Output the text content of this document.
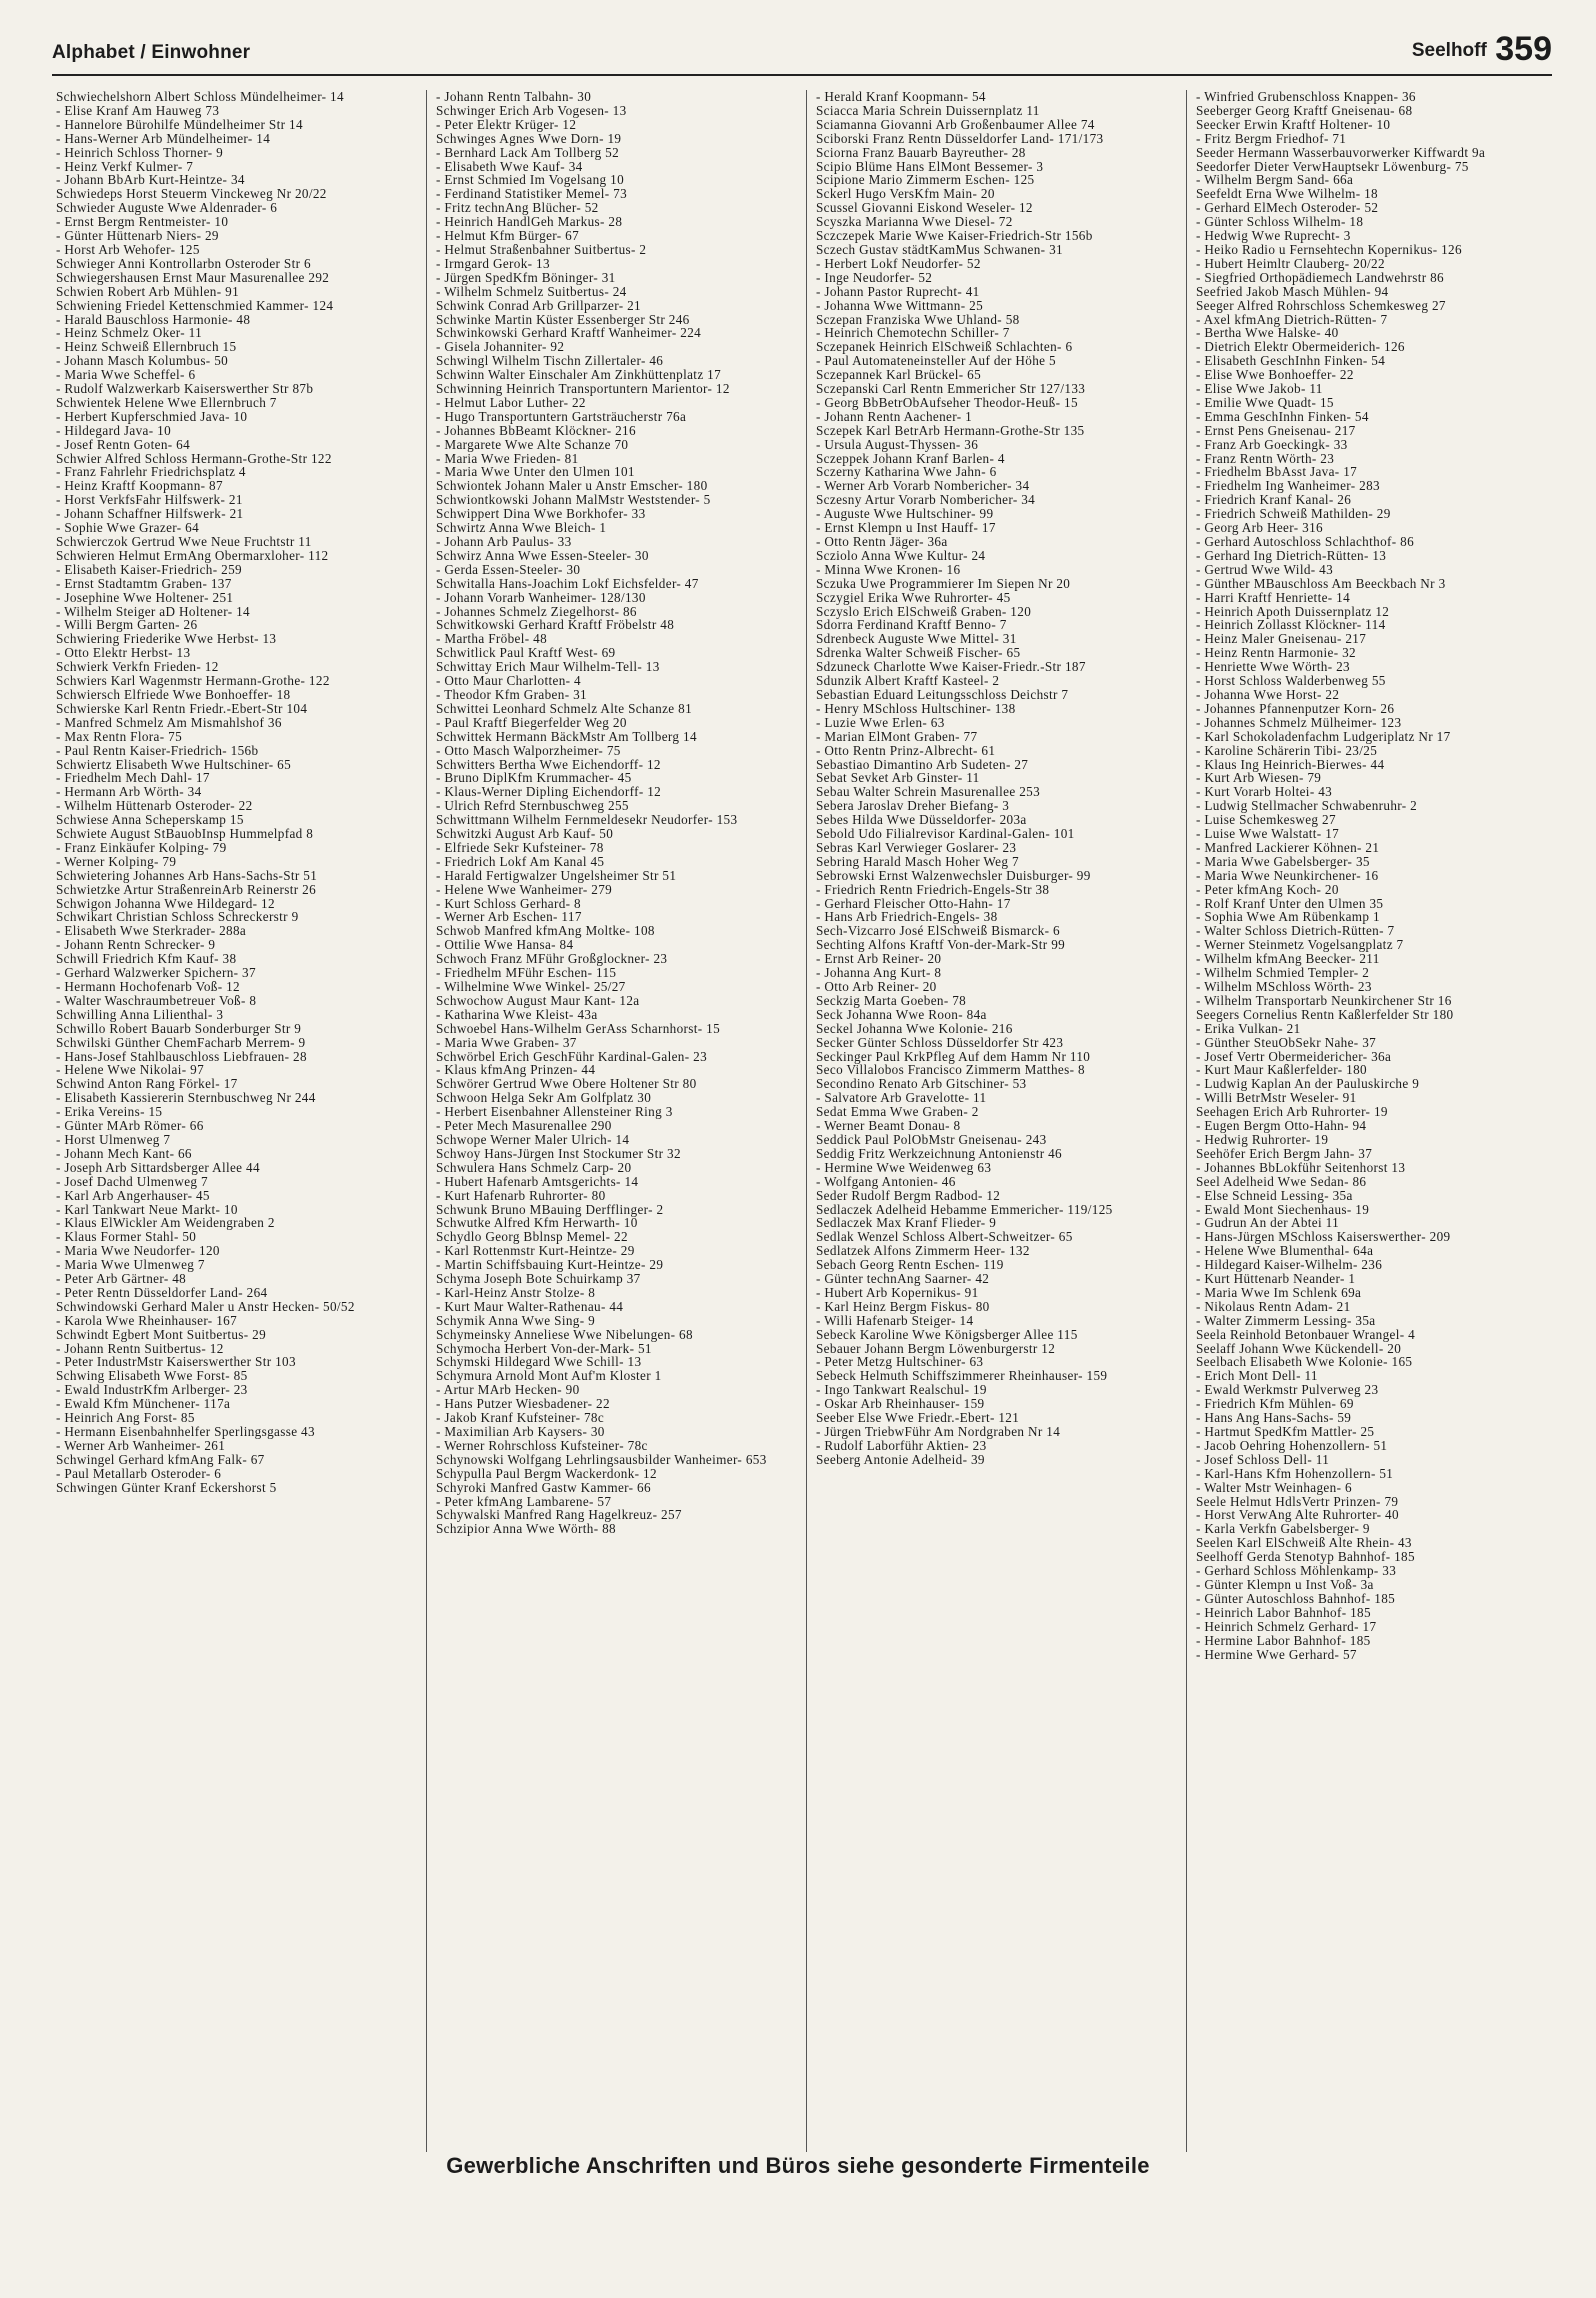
Alphabet / Einwohner	Seelhoff 359

Schwiechelshorn Albert Schloss Mündelheimer- 14

- Elise Kranf Am Hauweg 73

- Hannelore Bürohilfe Mündelheimer Str 14

- Hans-Werner Arb Mündelheimer- 14

- Heinrich Schloss Thorner- 9

- Heinz Verkf Kulmer- 7

- Johann BbArb Kurt-Heintze- 34

Schwiedeps Horst Steuerm Vinckeweg Nr 20/22

Schwieder Auguste Wwe Aldenrader- 6

- Ernst Bergm Rentmeister- 10

- Günter Hüttenarb Niers- 29

- Horst Arb Wehofer- 125

Schwieger Anni Kontrollarbn Osteroder Str 6

Schwiegershausen Ernst Maur Masurenallee 292

Schwien Robert Arb Mühlen- 91

Schwiening Friedel Kettenschmied Kammer- 124

- Harald Bauschloss Harmonie- 48

- Heinz Schmelz Oker- 11

- Heinz Schweiß Ellernbruch 15

- Johann Masch Kolumbus- 50

- Maria Wwe Scheffel- 6

- Rudolf Walzwerkarb Kaiserswerther Str 87b

Schwientek Helene Wwe Ellernbruch 7

- Herbert Kupferschmied Java- 10

- Hildegard Java- 10

- Josef Rentn Goten- 64

Schwier Alfred Schloss Hermann-Grothe-Str 122

- Franz Fahrlehr Friedrichsplatz 4

- Heinz Kraftf Koopmann- 87

- Horst VerkfsFahr Hilfswerk- 21

- Johann Schaffner Hilfswerk- 21

- Sophie Wwe Grazer- 64

Schwierczok Gertrud Wwe Neue Fruchtstr 11

Schwieren Helmut ErmAng Obermarxloher- 112

- Elisabeth Kaiser-Friedrich- 259

- Ernst Stadtamtm Graben- 137

- Josephine Wwe Holtener- 251

- Wilhelm Steiger aD Holtener- 14

- Willi Bergm Garten- 26

Schwiering Friederike Wwe Herbst- 13

- Otto Elektr Herbst- 13

Schwierk Verkfn Frieden- 12

Schwiers Karl Wagenmstr Hermann-Grothe- 122

Schwiersch Elfriede Wwe Bonhoeffer- 18

Schwierske Karl Rentn Friedr.-Ebert-Str 104

- Manfred Schmelz Am Mismahlshof 36

- Max Rentn Flora- 75

- Paul Rentn Kaiser-Friedrich- 156b

Schwiertz Elisabeth Wwe Hultschiner- 65

- Friedhelm Mech Dahl- 17

- Hermann Arb Wörth- 34

- Wilhelm Hüttenarb Osteroder- 22

Schwiese Anna Scheperskamp 15

Schwiete August StBauobInsp Hummelpfad 8

- Franz Einkäufer Kolping- 79

- Werner Kolping- 79

Schwietering Johannes Arb Hans-Sachs-Str 51

Schwietzke Artur StraßenreinArb Reinerstr 26

Schwigon Johanna Wwe Hildegard- 12

Schwikart Christian Schloss Schreckerstr 9

- Elisabeth Wwe Sterkrader- 288a

- Johann Rentn Schrecker- 9

Schwill Friedrich Kfm Kauf- 38

- Gerhard Walzwerker Spichern- 37

- Hermann Hochofenarb Voß- 12

- Walter Waschraumbetreuer Voß- 8

Schwilling Anna Lilienthal- 3

Schwillo Robert Bauarb Sonderburger Str 9

Schwilski Günther ChemFacharb Merrem- 9

- Hans-Josef Stahlbauschloss Liebfrauen- 28

- Helene Wwe Nikolai- 97

Schwind Anton Rang Förkel- 17

- Elisabeth Kassiererin Sternbuschweg Nr 244

- Erika Vereins- 15

- Günter MArb Römer- 66

- Horst Ulmenweg 7

- Johann Mech Kant- 66

- Joseph Arb Sittardsberger Allee 44

- Josef Dachd Ulmenweg 7

- Karl Arb Angerhauser- 45

- Karl Tankwart Neue Markt- 10

- Klaus ElWickler Am Weidengraben 2

- Klaus Former Stahl- 50

- Maria Wwe Neudorfer- 120

- Maria Wwe Ulmenweg 7

- Peter Arb Gärtner- 48

- Peter Rentn Düsseldorfer Land- 264

Schwindowski Gerhard Maler u Anstr Hecken- 50/52

- Karola Wwe Rheinhauser- 167

Schwindt Egbert Mont Suitbertus- 29

- Johann Rentn Suitbertus- 12

- Peter IndustrMstr Kaiserswerther Str 103

Schwing Elisabeth Wwe Forst- 85

- Ewald IndustrKfm Arlberger- 23

- Ewald Kfm Münchener- 117a

- Heinrich Ang Forst- 85

- Hermann Eisenbahnhelfer Sperlingsgasse 43

- Werner Arb Wanheimer- 261

Schwingel Gerhard kfmAng Falk- 67

- Paul Metallarb Osteroder- 6

Schwingen Günter Kranf Eckershorst 5

- Johann Rentn Talbahn- 30

Schwinger Erich Arb Vogesen- 13

- Peter Elektr Krüger- 12

Schwinges Agnes Wwe Dorn- 19

- Bernhard Lack Am Tollberg 52

- Elisabeth Wwe Kauf- 34

- Ernst Schmied Im Vogelsang 10

- Ferdinand Statistiker Memel- 73

- Fritz technAng Blücher- 52

- Heinrich HandlGeh Markus- 28

- Helmut Kfm Bürger- 67

- Helmut Straßenbahner Suitbertus- 2

- Irmgard Gerok- 13

- Jürgen SpedKfm Böninger- 31

- Wilhelm Schmelz Suitbertus- 24

Schwink Conrad Arb Grillparzer- 21

Schwinke Martin Küster Essenberger Str 246

Schwinkowski Gerhard Kraftf Wanheimer- 224

- Gisela Johanniter- 92

Schwingl Wilhelm Tischn Zillertaler- 46

Schwinn Walter Einschaler Am Zinkhüttenplatz 17

Schwinning Heinrich Transportuntern Marientor- 12

- Helmut Labor Luther- 22

- Hugo Transportuntern Gartsträucherstr 76a

- Johannes BbBeamt Klöckner- 216

- Margarete Wwe Alte Schanze 70

- Maria Wwe Frieden- 81

- Maria Wwe Unter den Ulmen 101

Schwiontek Johann Maler u Anstr Emscher- 180

Schwiontkowski Johann MalMstr Weststender- 5

Schwippert Dina Wwe Borkhofer- 33

Schwirtz Anna Wwe Bleich- 1

- Johann Arb Paulus- 33

Schwirz Anna Wwe Essen-Steeler- 30

- Gerda Essen-Steeler- 30

Schwitalla Hans-Joachim Lokf Eichsfelder- 47

- Johann Vorarb Wanheimer- 128/130

- Johannes Schmelz Ziegelhorst- 86

Schwitkowski Gerhard Kraftf Fröbelstr 48

- Martha Fröbel- 48

Schwitlick Paul Kraftf West- 69

Schwittay Erich Maur Wilhelm-Tell- 13

- Otto Maur Charlotten- 4

- Theodor Kfm Graben- 31

Schwittei Leonhard Schmelz Alte Schanze 81

- Paul Kraftf Biegerfelder Weg 20

Schwittek Hermann BäckMstr Am Tollberg 14

- Otto Masch Walporzheimer- 75

Schwitters Bertha Wwe Eichendorff- 12

- Bruno DiplKfm Krummacher- 45

- Klaus-Werner Dipling Eichendorff- 12

- Ulrich Refrd Sternbuschweg 255

Schwittmann Wilhelm Fernmeldesekr Neudorfer- 153

Schwitzki August Arb Kauf- 50

- Elfriede Sekr Kufsteiner- 78

- Friedrich Lokf Am Kanal 45

- Harald Fertigwalzer Ungelsheimer Str 51

- Helene Wwe Wanheimer- 279

- Kurt Schloss Gerhard- 8

- Werner Arb Eschen- 117

Schwob Manfred kfmAng Moltke- 108

- Ottilie Wwe Hansa- 84

Schwoch Franz MFühr Großglockner- 23

- Friedhelm MFühr Eschen- 115

- Wilhelmine Wwe Winkel- 25/27

Schwochow August Maur Kant- 12a

- Katharina Wwe Kleist- 43a

Schwoebel Hans-Wilhelm GerAss Scharnhorst- 15

- Maria Wwe Graben- 37

Schwörbel Erich GeschFühr Kardinal-Galen- 23

- Klaus kfmAng Prinzen- 44

Schwörer Gertrud Wwe Obere Holtener Str 80

Schwoon Helga Sekr Am Golfplatz 30

- Herbert Eisenbahner Allensteiner Ring 3

- Peter Mech Masurenallee 290

Schwope Werner Maler Ulrich- 14

Schwoy Hans-Jürgen Inst Stockumer Str 32

Schwulera Hans Schmelz Carp- 20

- Hubert Hafenarb Amtsgerichts- 14

- Kurt Hafenarb Ruhrorter- 80

Schwunk Bruno MBauing Derfflinger- 2

Schwutke Alfred Kfm Herwarth- 10

Schydlo Georg Bblnsp Memel- 22

- Karl Rottenmstr Kurt-Heintze- 29

- Martin Schiffsbauing Kurt-Heintze- 29

Schyma Joseph Bote Schuirkamp 37

- Karl-Heinz Anstr Stolze- 8

- Kurt Maur Walter-Rathenau- 44

Schymik Anna Wwe Sing- 9

Schymeinsky Anneliese Wwe Nibelungen- 68

Schymocha Herbert Von-der-Mark- 51

Schymski Hildegard Wwe Schill- 13

Schymura Arnold Mont Auf'm Kloster 1

- Artur MArb Hecken- 90

- Hans Putzer Wiesbadener- 22

- Jakob Kranf Kufsteiner- 78c

- Maximilian Arb Kaysers- 30

- Werner Rohrschloss Kufsteiner- 78c

Schynowski Wolfgang Lehrlingsausbilder Wanheimer- 653

Schypulla Paul Bergm Wackerdonk- 12

Schyroki Manfred Gastw Kammer- 66

- Peter kfmAng Lambarene- 57

Schywalski Manfred Rang Hagelkreuz- 257

Schzipior Anna Wwe Wörth- 88

- Herald Kranf Koopmann- 54

Sciacca Maria Schrein Duissernplatz 11

Sciamanna Giovanni Arb Großenbaumer Allee 74

Sciborski Franz Rentn Düsseldorfer Land- 171/173

Sciorna Franz Bauarb Bayreuther- 28

Scipio Blüme Hans ElMont Bessemer- 3

Scipione Mario Zimmerm Eschen- 125

Sckerl Hugo VersKfm Main- 20

Scussel Giovanni Eiskond Weseler- 12

Scyszka Marianna Wwe Diesel- 72

Sczczepek Marie Wwe Kaiser-Friedrich-Str 156b

Sczech Gustav städtKamMus Schwanen- 31

- Herbert Lokf Neudorfer- 52

- Inge Neudorfer- 52

- Johann Pastor Ruprecht- 41

- Johanna Wwe Wittmann- 25

Sczepan Franziska Wwe Uhland- 58

- Heinrich Chemotechn Schiller- 7

Sczepanek Heinrich ElSchweiß Schlachten- 6

- Paul Automateneinsteller Auf der Höhe 5

Sczepannek Karl Brückel- 65

Sczepanski Carl Rentn Emmericher Str 127/133

- Georg BbBetrObAufseher Theodor-Heuß- 15

- Johann Rentn Aachener- 1

Sczepek Karl BetrArb Hermann-Grothe-Str 135

- Ursula August-Thyssen- 36

Sczeppek Johann Kranf Barlen- 4

Sczerny Katharina Wwe Jahn- 6

- Werner Arb Vorarb Nombericher- 34

Sczesny Artur Vorarb Nombericher- 34

- Auguste Wwe Hultschiner- 99

- Ernst Klempn u Inst Hauff- 17

- Otto Rentn Jäger- 36a

Scziolo Anna Wwe Kultur- 24

- Minna Wwe Kronen- 16

Sczuka Uwe Programmierer Im Siepen Nr 20

Sczygiel Erika Wwe Ruhrorter- 45

Sczyslo Erich ElSchweiß Graben- 120

Sdorra Ferdinand Kraftf Benno- 7

Sdrenbeck Auguste Wwe Mittel- 31

Sdrenka Walter Schweiß Fischer- 65

Sdzuneck Charlotte Wwe Kaiser-Friedr.-Str 187

Sdunzik Albert Kraftf Kasteel- 2

Sebastian Eduard Leitungsschloss Deichstr 7

- Henry MSchloss Hultschiner- 138

- Luzie Wwe Erlen- 63

- Marian ElMont Graben- 77

- Otto Rentn Prinz-Albrecht- 61

Sebastiao Dimantino Arb Sudeten- 27

Sebat Sevket Arb Ginster- 11

Sebau Walter Schrein Masurenallee 253

Sebera Jaroslav Dreher Biefang- 3

Sebes Hilda Wwe Düsseldorfer- 203a

Sebold Udo Filialrevisor Kardinal-Galen- 101

Sebras Karl Verwieger Goslarer- 23

Sebring Harald Masch Hoher Weg 7

Sebrowski Ernst Walzenwechsler Duisburger- 99

- Friedrich Rentn Friedrich-Engels-Str 38

- Gerhard Fleischer Otto-Hahn- 17

- Hans Arb Friedrich-Engels- 38

Sech-Vizcarro José ElSchweiß Bismarck- 6

Sechting Alfons Kraftf Von-der-Mark-Str 99

- Ernst Arb Reiner- 20

- Johanna Ang Kurt- 8

- Otto Arb Reiner- 20

Seckzig Marta Goeben- 78

Seck Johanna Wwe Roon- 84a

Seckel Johanna Wwe Kolonie- 216

Secker Günter Schloss Düsseldorfer Str 423

Seckinger Paul KrkPfleg Auf dem Hamm Nr 110

Seco Villalobos Francisco Zimmerm Matthes- 8

Secondino Renato Arb Gitschiner- 53

- Salvatore Arb Gravelotte- 11

Sedat Emma Wwe Graben- 2

- Werner Beamt Donau- 8

Seddick Paul PolObMstr Gneisenau- 243

Seddig Fritz Werkzeichnung Antonienstr 46

- Hermine Wwe Weidenweg 63

- Wolfgang Antonien- 46

Seder Rudolf Bergm Radbod- 12

Sedlaczek Adelheid Hebamme Emmericher- 119/125

Sedlaczek Max Kranf Flieder- 9

Sedlak Wenzel Schloss Albert-Schweitzer- 65

Sedlatzek Alfons Zimmerm Heer- 132

Sebach Georg Rentn Eschen- 119

- Günter technAng Saarner- 42

- Hubert Arb Kopernikus- 91

- Karl Heinz Bergm Fiskus- 80

- Willi Hafenarb Steiger- 14

Sebeck Karoline Wwe Königsberger Allee 115

Sebauer Johann Bergm Löwenburgerstr 12

- Peter Metzg Hultschiner- 63

Sebeck Helmuth Schiffszimmerer Rheinhauser- 159

- Ingo Tankwart Realschul- 19

- Oskar Arb Rheinhauser- 159

Seeber Else Wwe Friedr.-Ebert- 121

- Jürgen TriebwFühr Am Nordgraben Nr 14

- Rudolf Laborführ Aktien- 23

Seeberg Antonie Adelheid- 39

- Winfried Grubenschloss Knappen- 36

Seeberger Georg Kraftf Gneisenau- 68

Seecker Erwin Kraftf Holtener- 10

- Fritz Bergm Friedhof- 71

Seeder Hermann Wasserbauvorwerker Kiffwardt 9a

Seedorfer Dieter VerwHauptsekr Löwenburg- 75

- Wilhelm Bergm Sand- 66a

Seefeldt Erna Wwe Wilhelm- 18

- Gerhard ElMech Osteroder- 52

- Günter Schloss Wilhelm- 18

- Hedwig Wwe Ruprecht- 3

- Heiko Radio u Fernsehtechn Kopernikus- 126

- Hubert Heimltr Clauberg- 20/22

- Siegfried Orthopädiemech Landwehrstr 86

Seefried Jakob Masch Mühlen- 94

Seeger Alfred Rohrschloss Schemkesweg 27

- Axel kfmAng Dietrich-Rütten- 7

- Bertha Wwe Halske- 40

- Dietrich Elektr Obermeiderich- 126

- Elisabeth GeschInhn Finken- 54

- Elise Wwe Bonhoeffer- 22

- Elise Wwe Jakob- 11

- Emilie Wwe Quadt- 15

- Emma GeschInhn Finken- 54

- Ernst Pens Gneisenau- 217

- Franz Arb Goeckingk- 33

- Franz Rentn Wörth- 23

- Friedhelm BbAsst Java- 17

- Friedhelm Ing Wanheimer- 283

- Friedrich Kranf Kanal- 26

- Friedrich Schweiß Mathilden- 29

- Georg Arb Heer- 316

- Gerhard Autoschloss Schlachthof- 86

- Gerhard Ing Dietrich-Rütten- 13

- Gertrud Wwe Wild- 43

- Günther MBauschloss Am Beeckbach Nr 3

- Harri Kraftf Henriette- 14

- Heinrich Apoth Duissernplatz 12

- Heinrich Zollasst Klöckner- 114

- Heinz Maler Gneisenau- 217

- Heinz Rentn Harmonie- 32

- Henriette Wwe Wörth- 23

- Horst Schloss Walderbenweg 55

- Johanna Wwe Horst- 22

- Johannes Pfannenputzer Korn- 26

- Johannes Schmelz Mülheimer- 123

- Karl Schokoladenfachm Ludgeriplatz Nr 17

- Karoline Schärerin Tibi- 23/25

- Klaus Ing Heinrich-Bierwes- 44

- Kurt Arb Wiesen- 79

- Kurt Vorarb Holtei- 43

- Ludwig Stellmacher Schwabenruhr- 2

- Luise Schemkesweg 27

- Luise Wwe Walstatt- 17

- Manfred Lackierer Köhnen- 21

- Maria Wwe Gabelsberger- 35

- Maria Wwe Neunkirchener- 16

- Peter kfmAng Koch- 20

- Rolf Kranf Unter den Ulmen 35

- Sophia Wwe Am Rübenkamp 1

- Walter Schloss Dietrich-Rütten- 7

- Werner Steinmetz Vogelsangplatz 7

- Wilhelm kfmAng Beecker- 211

- Wilhelm Schmied Templer- 2

- Wilhelm MSchloss Wörth- 23

- Wilhelm Transportarb Neunkirchener Str 16

Seegers Cornelius Rentn Kaßlerfelder Str 180

- Erika Vulkan- 21

- Günther SteuObSekr Nahe- 37

- Josef Vertr Obermeidericher- 36a

- Kurt Maur Kaßlerfelder- 180

- Ludwig Kaplan An der Pauluskirche 9

- Willi BetrMstr Weseler- 91

Seehagen Erich Arb Ruhrorter- 19

- Eugen Bergm Otto-Hahn- 94

- Hedwig Ruhrorter- 19

Seehöfer Erich Bergm Jahn- 37

- Johannes BbLokführ Seitenhorst 13

Seel Adelheid Wwe Sedan- 86

- Else Schneid Lessing- 35a

- Ewald Mont Siechenhaus- 19

- Gudrun An der Abtei 11

- Hans-Jürgen MSchloss Kaiserswerther- 209

- Helene Wwe Blumenthal- 64a

- Hildegard Kaiser-Wilhelm- 236

- Kurt Hüttenarb Neander- 1

- Maria Wwe Im Schlenk 69a

- Nikolaus Rentn Adam- 21

- Walter Zimmerm Lessing- 35a

Seela Reinhold Betonbauer Wrangel- 4

Seelaff Johann Wwe Kückendell- 20

Seelbach Elisabeth Wwe Kolonie- 165

- Erich Mont Dell- 11

- Ewald Werkmstr Pulverweg 23

- Friedrich Kfm Mühlen- 69

- Hans Ang Hans-Sachs- 59

- Hartmut SpedKfm Mattler- 25

- Jacob Oehring Hohenzollern- 51

- Josef Schloss Dell- 11

- Karl-Hans Kfm Hohenzollern- 51

- Walter Mstr Weinhagen- 6

Seele Helmut HdlsVertr Prinzen- 79

- Horst VerwAng Alte Ruhrorter- 40

- Karla Verkfn Gabelsberger- 9

Seelen Karl ElSchweiß Alte Rhein- 43

Seelhoff Gerda Stenotyp Bahnhof- 185

- Gerhard Schloss Möhlenkamp- 33

- Günter Klempn u Inst Voß- 3a

- Günter Autoschloss Bahnhof- 185

- Heinrich Labor Bahnhof- 185

- Heinrich Schmelz Gerhard- 17

- Hermine Labor Bahnhof- 185

- Hermine Wwe Gerhard- 57

Gewerbliche Anschriften und Büros siehe gesonderte Firmenteile
